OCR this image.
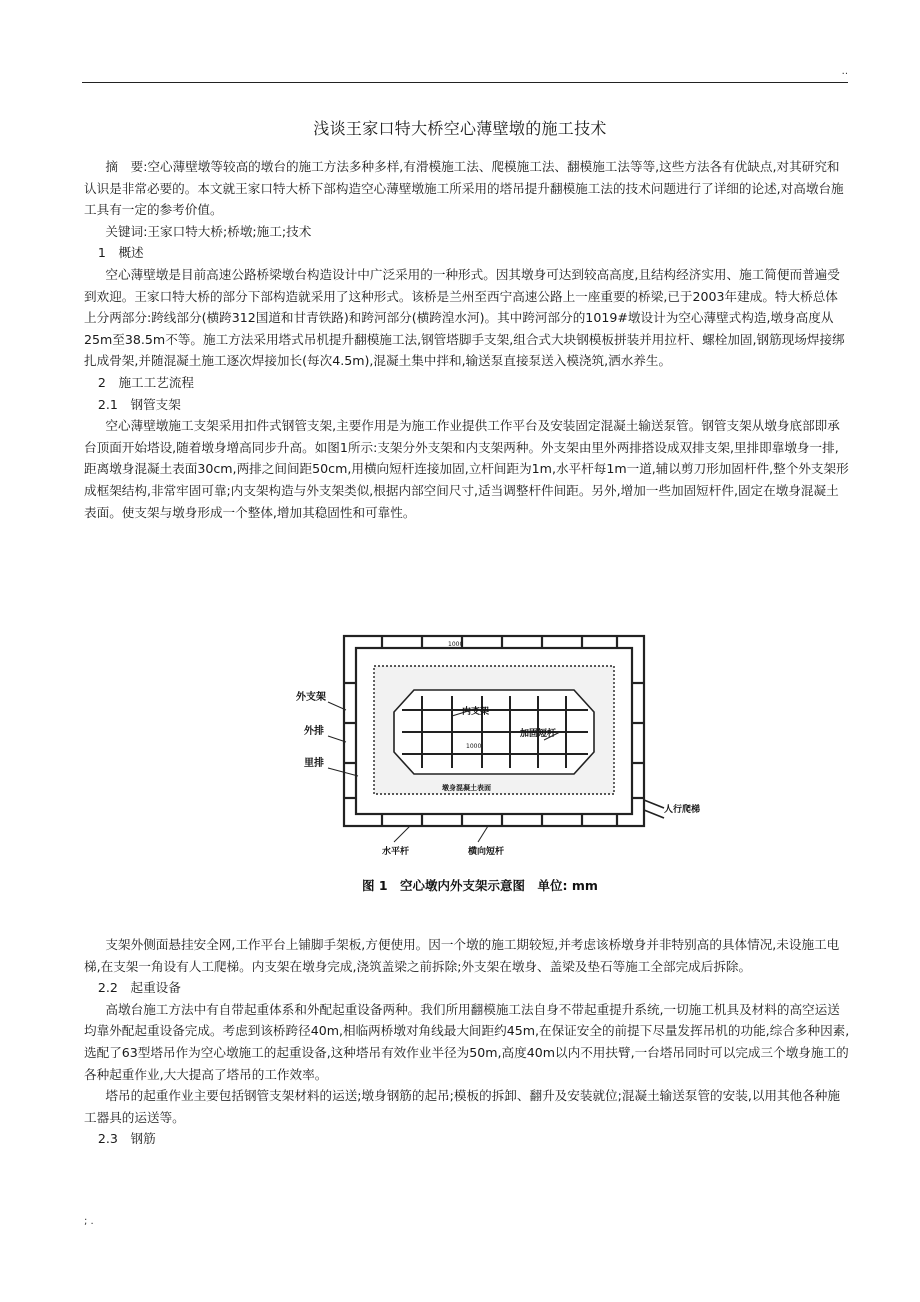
..
浅谈王家口特大桥空心薄壁墩的施工技术

摘　要:空心薄壁墩等较高的墩台的施工方法多种多样,有滑模施工法、爬模施工法、翻模施工法等等,这些方法各有优缺点,对其研究和认识是非常必要的。本文就王家口特大桥下部构造空心薄壁墩施工所采用的塔吊提升翻模施工法的技术问题进行了详细的论述,对高墩台施工具有一定的参考价值。

关键词:王家口特大桥;桥墩;施工;技术

1　概述

空心薄壁墩是目前高速公路桥梁墩台构造设计中广泛采用的一种形式。因其墩身可达到较高高度,且结构经济实用、施工简便而普遍受到欢迎。王家口特大桥的部分下部构造就采用了这种形式。该桥是兰州至西宁高速公路上一座重要的桥梁,已于2003年建成。特大桥总体上分两部分:跨线部分(横跨312国道和甘青铁路)和跨河部分(横跨湟水河)。其中跨河部分的1019#墩设计为空心薄壁式构造,墩身高度从25m至38.5m不等。施工方法采用塔式吊机提升翻模施工法,钢管塔脚手支架,组合式大块钢模板拼装并用拉杆、螺栓加固,钢筋现场焊接绑扎成骨架,并随混凝土施工逐次焊接加长(每次4.5m),混凝土集中拌和,输送泵直接泵送入模浇筑,洒水养生。

2　施工工艺流程

2.1　钢管支架

空心薄壁墩施工支架采用扣件式钢管支架,主要作用是为施工作业提供工作平台及安装固定混凝土输送泵管。钢管支架从墩身底部即承台顶面开始塔设,随着墩身增高同步升高。如图1所示:支架分外支架和内支架两种。外支架由里外两排搭设成双排支架,里排即靠墩身一排,距离墩身混凝土表面30cm,两排之间间距50cm,用横向短杆连接加固,立杆间距为1m,水平杆每1m一道,辅以剪刀形加固杆件,整个外支架形成框架结构,非常牢固可靠;内支架构造与外支架类似,根据内部空间尺寸,适当调整杆件间距。另外,增加一些加固短杆件,固定在墩身混凝土表面。使支架与墩身形成一个整体,增加其稳固性和可靠性。

外支架
外排
里排
内支架
加固短杆
墩身混凝土表面
人行爬梯
水平杆	横向短杆
1000
1000
图 1　空心墩内外支架示意图　单位: mm

支架外侧面悬挂安全网,工作平台上铺脚手架板,方便使用。因一个墩的施工期较短,并考虑该桥墩身并非特别高的具体情况,未设施工电梯,在支架一角设有人工爬梯。内支架在墩身完成,浇筑盖梁之前拆除;外支架在墩身、盖梁及垫石等施工全部完成后拆除。

2.2　起重设备

高墩台施工方法中有自带起重体系和外配起重设备两种。我们所用翻模施工法自身不带起重提升系统,一切施工机具及材料的高空运送均靠外配起重设备完成。考虑到该桥跨径40m,相临两桥墩对角线最大间距约45m,在保证安全的前提下尽量发挥吊机的功能,综合多种因素,选配了63型塔吊作为空心墩施工的起重设备,这种塔吊有效作业半径为50m,高度40m以内不用扶臂,一台塔吊同时可以完成三个墩身施工的各种起重作业,大大提高了塔吊的工作效率。

塔吊的起重作业主要包括钢管支架材料的运送;墩身钢筋的起吊;模板的拆卸、翻升及安装就位;混凝土输送泵管的安装,以用其他各种施工器具的运送等。

2.3　钢筋

; .
